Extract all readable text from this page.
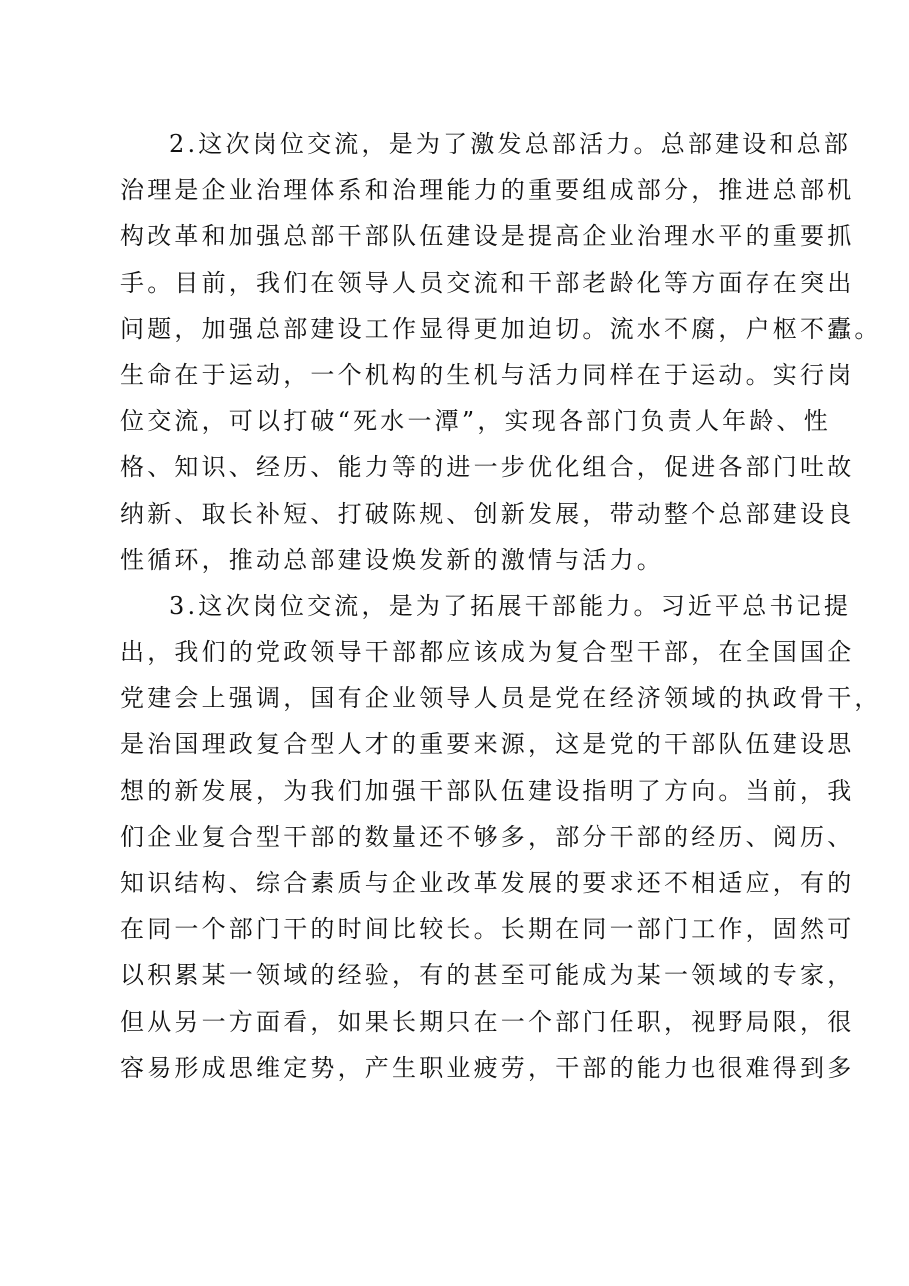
2.这次岗位交流，是为了激发总部活力。总部建设和总部
治理是企业治理体系和治理能力的重要组成部分，推进总部机
构改革和加强总部干部队伍建设是提高企业治理水平的重要抓
手。目前，我们在领导人员交流和干部老龄化等方面存在突出
问题，加强总部建设工作显得更加迫切。流水不腐，户枢不蠹。
生命在于运动，一个机构的生机与活力同样在于运动。实行岗
位交流，可以打破“死水一潭”，实现各部门负责人年龄、性
格、知识、经历、能力等的进一步优化组合，促进各部门吐故
纳新、取长补短、打破陈规、创新发展，带动整个总部建设良
性循环，推动总部建设焕发新的激情与活力。
3.这次岗位交流，是为了拓展干部能力。习近平总书记提
出，我们的党政领导干部都应该成为复合型干部，在全国国企
党建会上强调，国有企业领导人员是党在经济领域的执政骨干，
是治国理政复合型人才的重要来源，这是党的干部队伍建设思
想的新发展，为我们加强干部队伍建设指明了方向。当前，我
们企业复合型干部的数量还不够多，部分干部的经历、阅历、
知识结构、综合素质与企业改革发展的要求还不相适应，有的
在同一个部门干的时间比较长。长期在同一部门工作，固然可
以积累某一领域的经验，有的甚至可能成为某一领域的专家，
但从另一方面看，如果长期只在一个部门任职，视野局限，很
容易形成思维定势，产生职业疲劳，干部的能力也很难得到多
